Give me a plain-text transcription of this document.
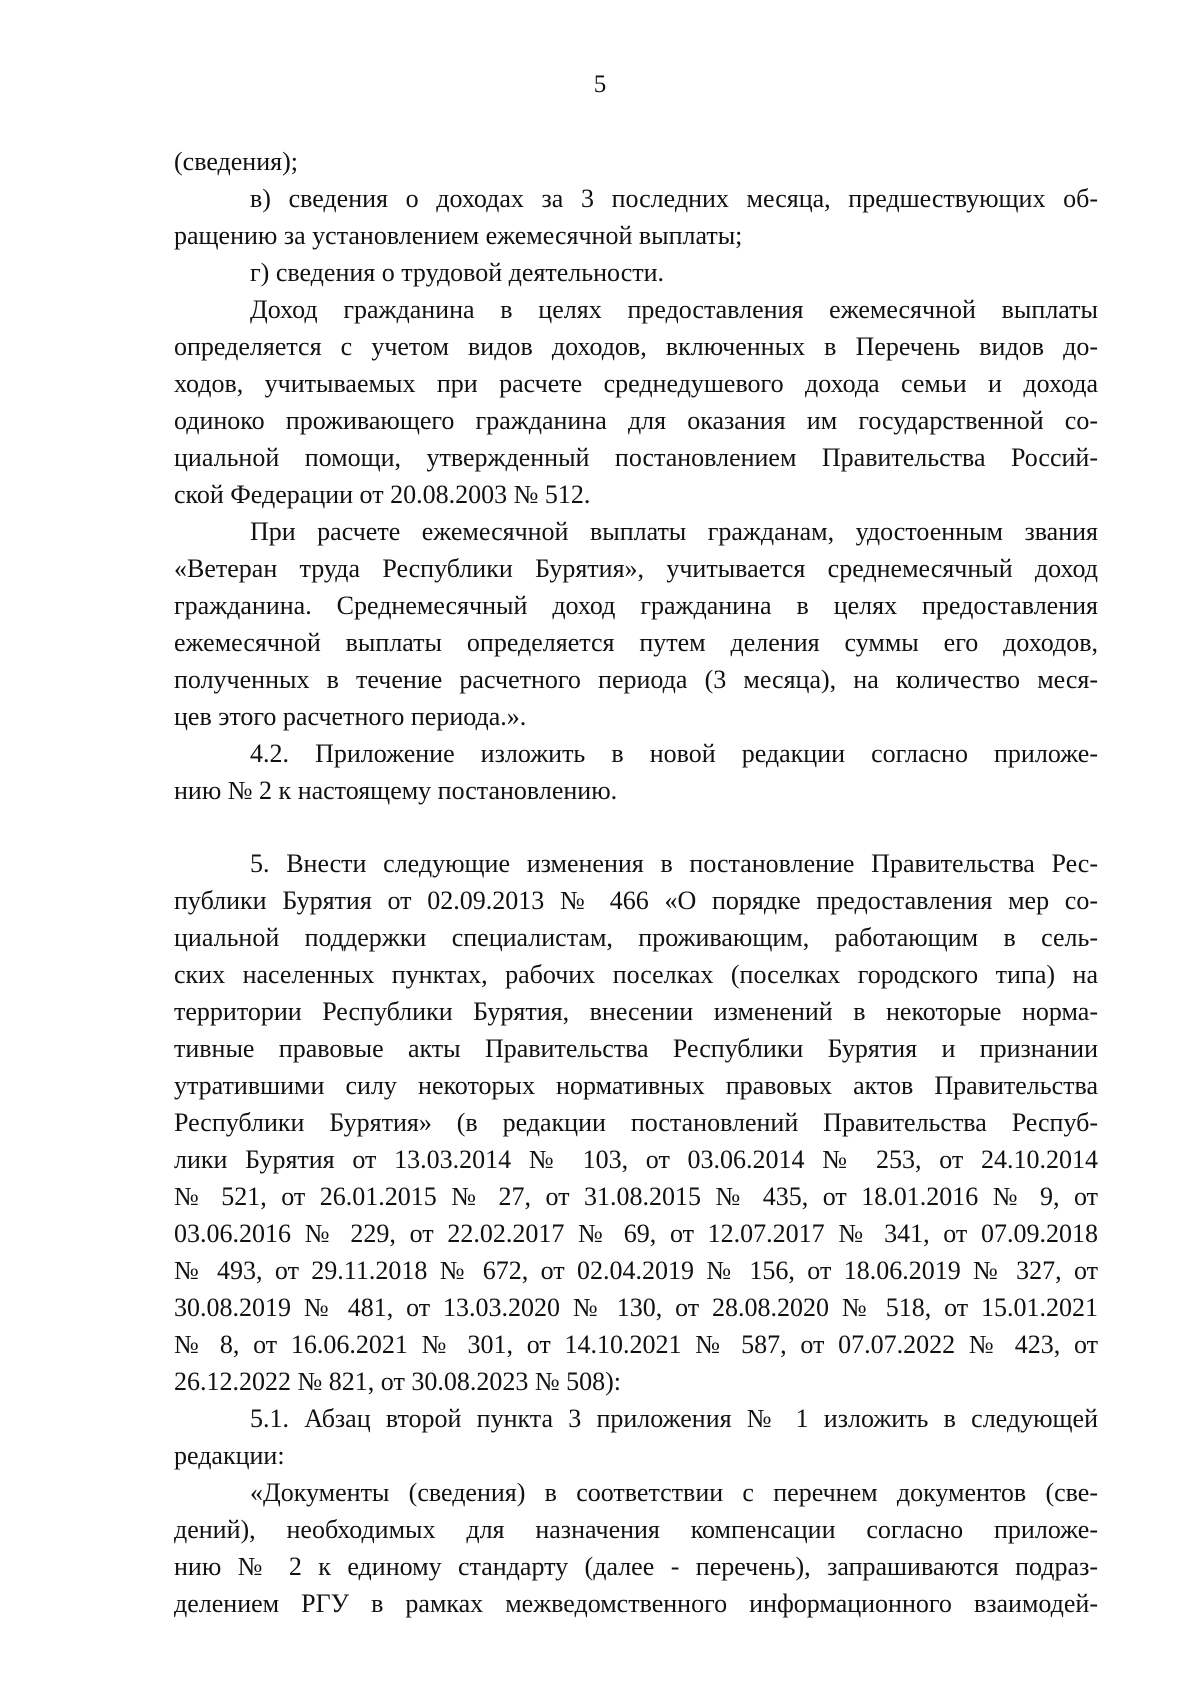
5
(сведения);
в) сведения о доходах за 3 последних месяца, предшествующих об-
ращению за установлением ежемесячной выплаты;
г) сведения о трудовой деятельности.
Доход гражданина в целях предоставления ежемесячной выплаты
определяется с учетом видов доходов, включенных в Перечень видов до-
ходов, учитываемых при расчете среднедушевого дохода семьи и дохода
одиноко проживающего гражданина для оказания им государственной со-
циальной помощи, утвержденный постановлением Правительства Россий-
ской Федерации от 20.08.2003 № 512.
При расчете ежемесячной выплаты гражданам, удостоенным звания
«Ветеран труда Республики Бурятия», учитывается среднемесячный доход
гражданина. Среднемесячный доход гражданина в целях предоставления
ежемесячной выплаты определяется путем деления суммы его доходов,
полученных в течение расчетного периода (3 месяца), на количество меся-
цев этого расчетного периода.».
4.2. Приложение изложить в новой редакции согласно приложе-
нию № 2 к настоящему постановлению.
5. Внести следующие изменения в постановление Правительства Рес-
публики Бурятия от 02.09.2013 № 466 «О порядке предоставления мер со-
циальной поддержки специалистам, проживающим, работающим в сель-
ских населенных пунктах, рабочих поселках (поселках городского типа) на
территории Республики Бурятия, внесении изменений в некоторые норма-
тивные правовые акты Правительства Республики Бурятия и признании
утратившими силу некоторых нормативных правовых актов Правительства
Республики Бурятия» (в редакции постановлений Правительства Респуб-
лики Бурятия от 13.03.2014 № 103, от 03.06.2014 № 253, от 24.10.2014
№ 521, от 26.01.2015 № 27, от 31.08.2015 № 435, от 18.01.2016 № 9, от
03.06.2016 № 229, от 22.02.2017 № 69, от 12.07.2017 № 341, от 07.09.2018
№ 493, от 29.11.2018 № 672, от 02.04.2019 № 156, от 18.06.2019 № 327, от
30.08.2019 № 481, от 13.03.2020 № 130, от 28.08.2020 № 518, от 15.01.2021
№ 8, от 16.06.2021 № 301, от 14.10.2021 № 587, от 07.07.2022 № 423, от
26.12.2022 № 821, от 30.08.2023 № 508):
5.1. Абзац второй пункта 3 приложения № 1 изложить в следующей
редакции:
«Документы (сведения) в соответствии с перечнем документов (све-
дений), необходимых для назначения компенсации согласно приложе-
нию № 2 к единому стандарту (далее - перечень), запрашиваются подраз-
делением РГУ в рамках межведомственного информационного взаимодей-
